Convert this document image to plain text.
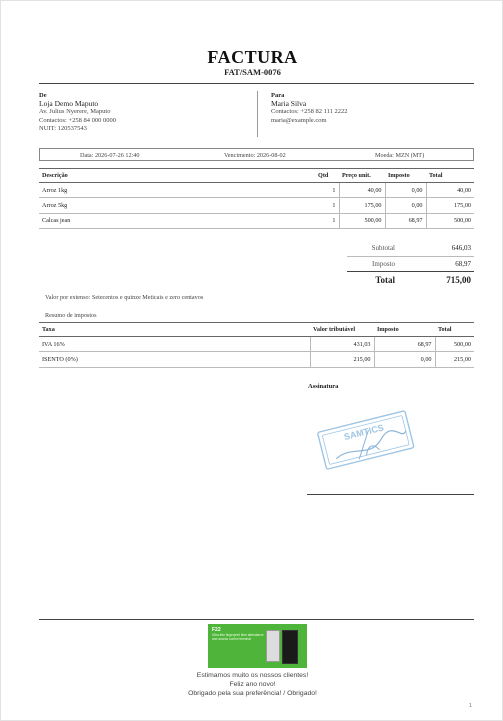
FACTURA
FAT/SAM-0076
De
Loja Demo Maputo
Av. Julius Nyerere, Maputo
Contactos: +258 84 000 0000
NUIT: 120537543
Para
Maria Silva
Contactos: +258 82 111 2222
maria@example.com
Data: 2026-07-26 12:40	Vencimento: 2026-08-02	Moeda: MZN (MT)
Descrição	Qtd	Preço unit.	Imposto	Total
Arroz 1kg	1	40,00	0,00	40,00
Arroz 5kg	1	175,00	0,00	175,00
Calcas jean	1	500,00	68,97	500,00
Subtotal	646,03
Imposto	68,97
Total	715,00
Valor por extenso: Setecentos e quinze Meticais e zero centavos
Resumo de impostos
Taxa	Valor tributável	Imposto	Total
IVA 16%	431,03	68,97	500,00
ISENTO (0%)	215,00	0,00	215,00
Assinatura
SAMTICS
F22
Ultra-thin fingerprint time attendance and access control terminal
Estimamos muito os nossos clientes!
Feliz ano novo!
Obrigado pela sua preferência! / Obrigado!
1
